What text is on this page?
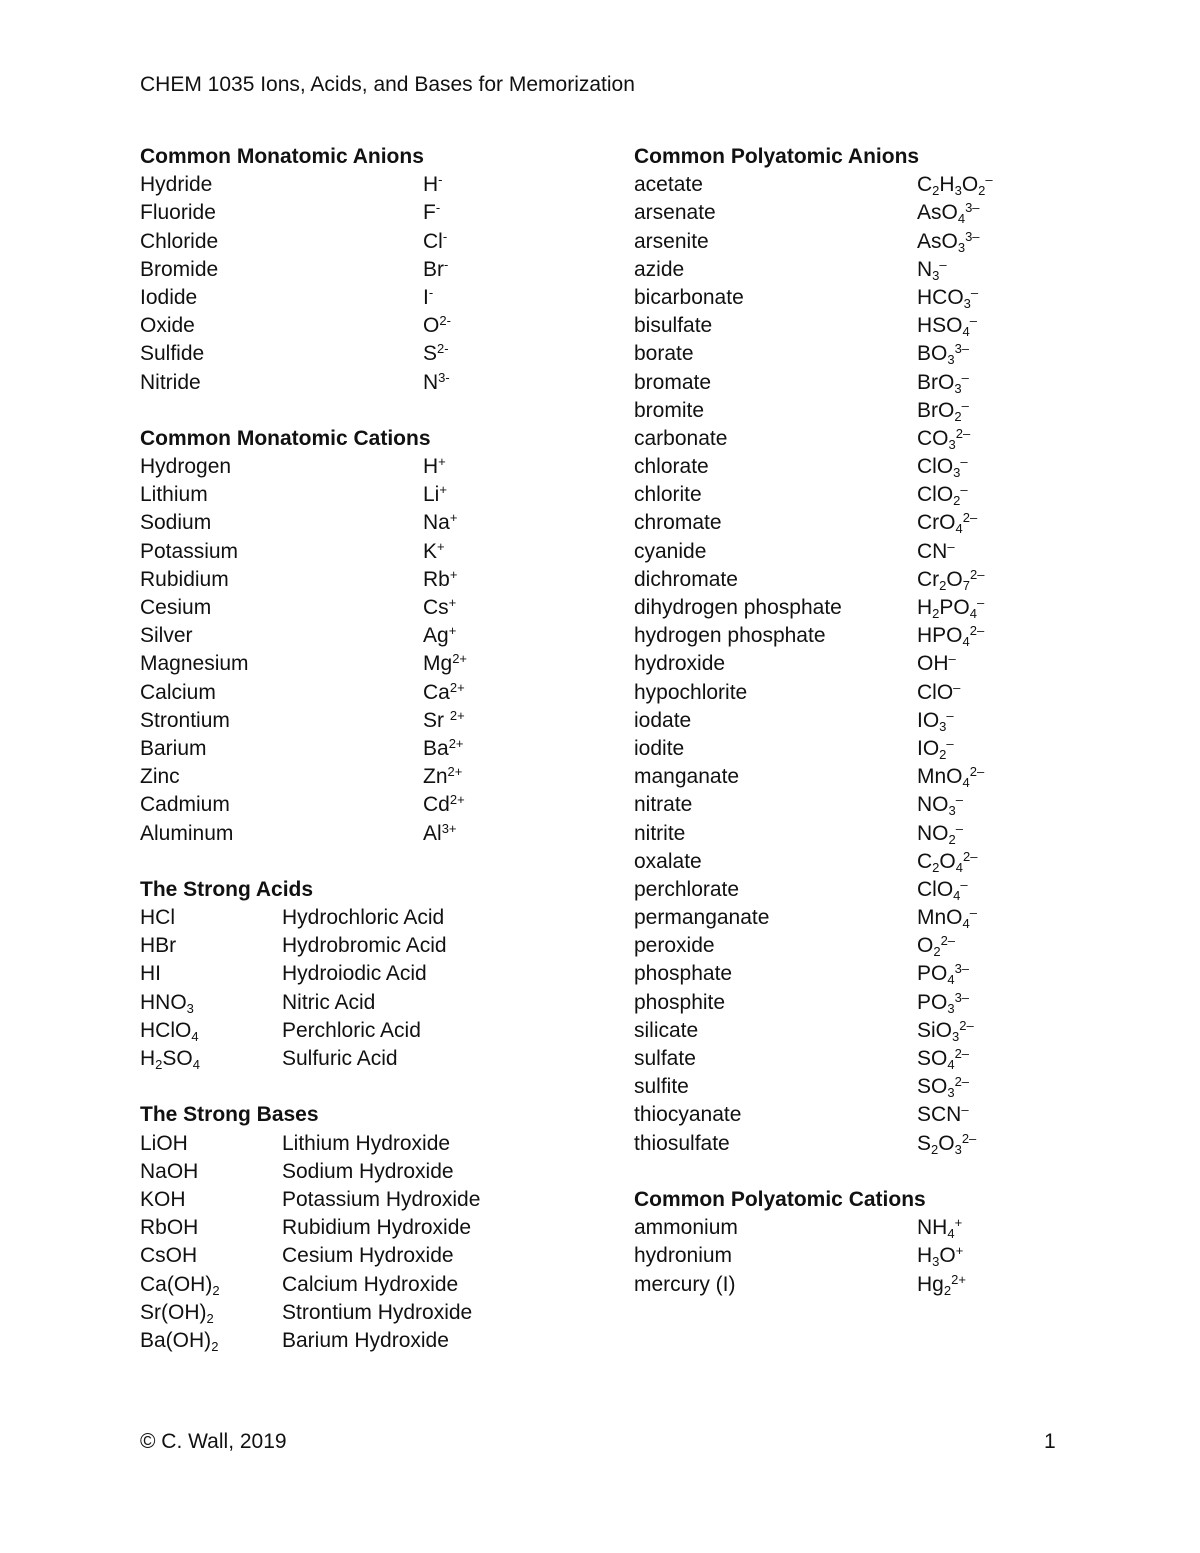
CHEM 1035 Ions, Acids, and Bases for Memorization
Common Monatomic Anions
Hydride	H-
Fluoride	F-
Chloride	Cl-
Bromide	Br-
Iodide	I-
Oxide	$O^{2-}$
Sulfide	$S^{2-}$
Nitride	$N^{3-}$
Common Monatomic Cations
Hydrogen	H+
Lithium	Li+
Sodium	Na+
Potassium	K+
Rubidium	Rb+
Cesium	Cs+
Silver	Ag+
Magnesium	$Mg^{2+}$
Calcium	$Ca^{2+}$
Strontium	Sr $^{2+}$
Barium	$Ba^{2+}$
Zinc	$Zn^{2+}$
Cadmium	$Cd^{2+}$
Aluminum	$Al^{3+}$
The Strong Acids
HCl	Hydrochloric Acid
HBr	Hydrobromic Acid
HI	Hydroiodic Acid
$HNO_3$	Nitric Acid
HClO$_4$	Perchloric Acid
$H_2SO_4$	Sulfuric Acid
The Strong Bases
LiOH	Lithium Hydroxide
NaOH	Sodium Hydroxide
KOH	Potassium Hydroxide
RbOH	Rubidium Hydroxide
CsOH	Cesium Hydroxide
$Ca(OH)_2$	Calcium Hydroxide
$Sr(OH)_2$	Strontium Hydroxide
$Ba(OH)_2$	Barium Hydroxide
Common Polyatomic Anions
acetate	$C_2H_3O_2^-$
arsenate	AsO$_4^{3-}$
arsenite	AsO$_3^{3-}$
azide	$N_3^-$
bicarbonate	$HCO_3^-$
bisulfate	$HSO_4^-$
borate	$BO_3^{3-}$
bromate	BrO$_3$–
bromite	BrO$_2$–
carbonate	$CO_3^{2-}$
chlorate	ClO$_3$–
chlorite	ClO$_2$–
chromate	CrO$_4^{2-}$
cyanide	CN–
dichromate	$Cr_2O_7^{2-}$
dihydrogen phosphate	$H_2PO_4^-$
hydrogen phosphate	$HPO_4^{2-}$
hydroxide	OH–
hypochlorite	ClO–
iodate	$IO_3^-$
iodite	$IO_2^-$
manganate	MnO$_4^{2-}$
nitrate	$NO_3^-$
nitrite	$NO_2^-$
oxalate	$C_2O_4^{2-}$
perchlorate	ClO$_4$–
permanganate	MnO$_4$–
peroxide	$O_2^{2-}$
phosphate	$PO_4^{3-}$
phosphite	$PO_3^{3-}$
silicate	SiO$_3^{2-}$
sulfate	$SO_4^{2-}$
sulfite	$SO_3^{2-}$
thiocyanate	SCN–
thiosulfate	$S_2O_3^{2-}$
Common Polyatomic Cations
ammonium	$NH_4^+$
hydronium	$H_3O^+$
mercury (I)	$Hg_2^{2+}$
© C. Wall, 2019	1
